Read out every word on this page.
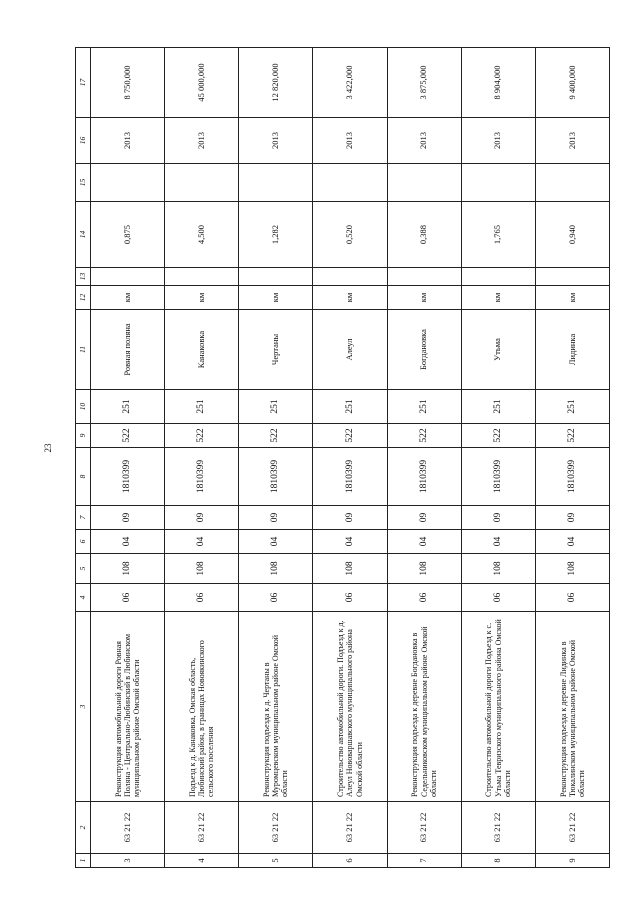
23
1	2	3	4	5	6	7	8	9	10	11	12	13	14	15	16	17
3	63 21 22	Реконструкция автомобильной дороги Ровная Поляна - Центрально-Любинский в Любинском муниципальном районе Омской области	06	108	04	09	1810399	522	251	Ровная поляна	км		0,875		2013	8 750,000
4	63 21 22	Подъезд к д. Канаковка, Омская область, Любинский район, в границах Новоякинского сельского поселения	06	108	04	09	1810399	522	251	Канаковка	км		4,500		2013	45 000,000
5	63 21 22	Реконструкция подъезда к д. Чертаны в Муромцевском муниципальном районе Омской области	06	108	04	09	1810399	522	251	Чертаны	км		1,282		2013	12 820,000
6	63 21 22	Строительство автомобильной дороги. Подъезд к д. Алеул Нововаршавского муниципального района Омской области	06	108	04	09	1810399	522	251	Алеул	км		0,520		2013	3 422,000
7	63 21 22	Реконструкция подъезда к деревне Богдановка в Седельниковском муниципальном районе Омской области	06	108	04	09	1810399	522	251	Богдановка	км		0,388		2013	3 875,000
8	63 21 22	Строительство автомобильной дороги Подъезд к с. Утьма Тевризского муниципального района Омской области	06	108	04	09	1810399	522	251	Утьма	км		1,765		2013	8 904,000
9	63 21 22	Реконструкция подъезда к деревне Лидинка в Тюкалинском муниципальном районе Омской области	06	108	04	09	1810399	522	251	Лидинка	км		0,940		2013	9 400,000
